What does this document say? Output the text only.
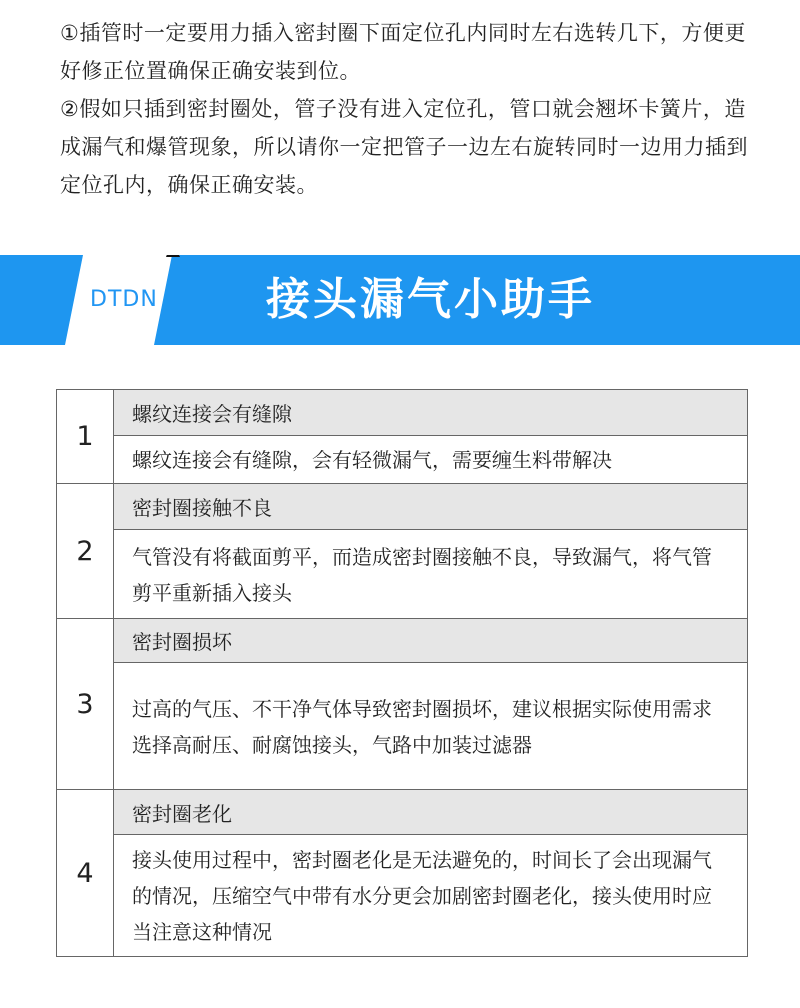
①插管时一定要用力插入密封圈下面定位孔内同时左右选转几下，方便更好修正位置确保正确安装到位。

②假如只插到密封圈处，管子没有进入定位孔，管口就会翘坏卡簧片，造成漏气和爆管现象，所以请你一定把管子一边左右旋转同时一边用力插到定位孔内，确保正确安装。

DTDN 接头漏气小助手
1	螺纹连接会有缝隙
	螺纹连接会有缝隙，会有轻微漏气，需要缠生料带解决
2	密封圈接触不良
	气管没有将截面剪平，而造成密封圈接触不良，导致漏气，将气管剪平重新插入接头
3	密封圈损坏
	过高的气压、不干净气体导致密封圈损坏，建议根据实际使用需求选择高耐压、耐腐蚀接头，气路中加装过滤器
4	密封圈老化
	接头使用过程中，密封圈老化是无法避免的，时间长了会出现漏气的情况，压缩空气中带有水分更会加剧密封圈老化，接头使用时应当注意这种情况
